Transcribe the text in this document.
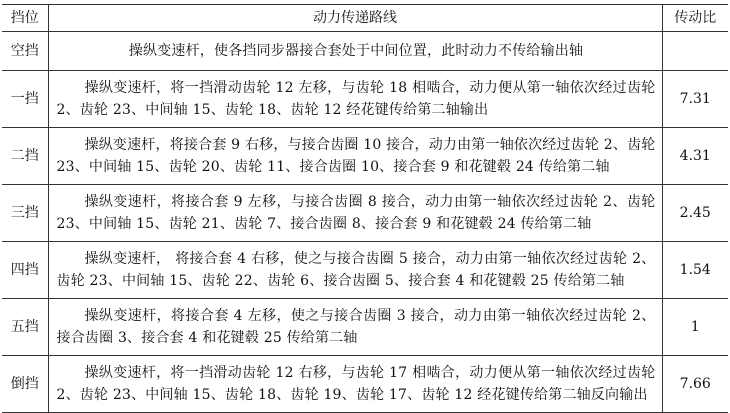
挡位	动力传递路线	传动比
空挡	操纵变速杆，使各挡同步器接合套处于中间位置，此时动力不传给输出轴	
一挡	操纵变速杆，将一挡滑动齿轮 12 左移，与齿轮 18 相啮合，动力便从第一轴依次经过齿轮 2、齿轮 23、中间轴 15、齿轮 18、齿轮 12 经花键传给第二轴输出	7.31
二挡	操纵变速杆，将接合套 9 右移，与接合齿圈 10 接合，动力由第一轴依次经过齿轮 2、齿轮 23、中间轴 15、齿轮 20、齿轮 11、接合齿圈 10、接合套 9 和花键毂 24 传给第二轴	4.31
三挡	操纵变速杆，将接合套 9 左移，与接合齿圈 8 接合，动力由第一轴依次经过齿轮 2、齿轮 23、中间轴 15、齿轮 21、齿轮 7、接合齿圈 8、接合套 9 和花键毂 24 传给第二轴	2.45
四挡	操纵变速杆， 将接合套 4 右移，使之与接合齿圈 5 接合，动力由第一轴依次经过齿轮 2、齿轮 23、中间轴 15、齿轮 22、齿轮 6、接合齿圈 5、接合套 4 和花键毂 25 传给第二轴	1.54
五挡	操纵变速杆，将接合套 4 左移，使之与接合齿圈 3 接合，动力由第一轴依次经过齿轮 2、接合齿圈 3、接合套 4 和花键毂 25 传给第二轴	1
倒挡	操纵变速杆，将一挡滑动齿轮 12 右移，与齿轮 17 相啮合，动力便从第一轴依次经过齿轮 2、齿轮 23、中间轴 15、齿轮 18、齿轮 19、齿轮 17、齿轮 12 经花键传给第二轴反向输出	7.66
